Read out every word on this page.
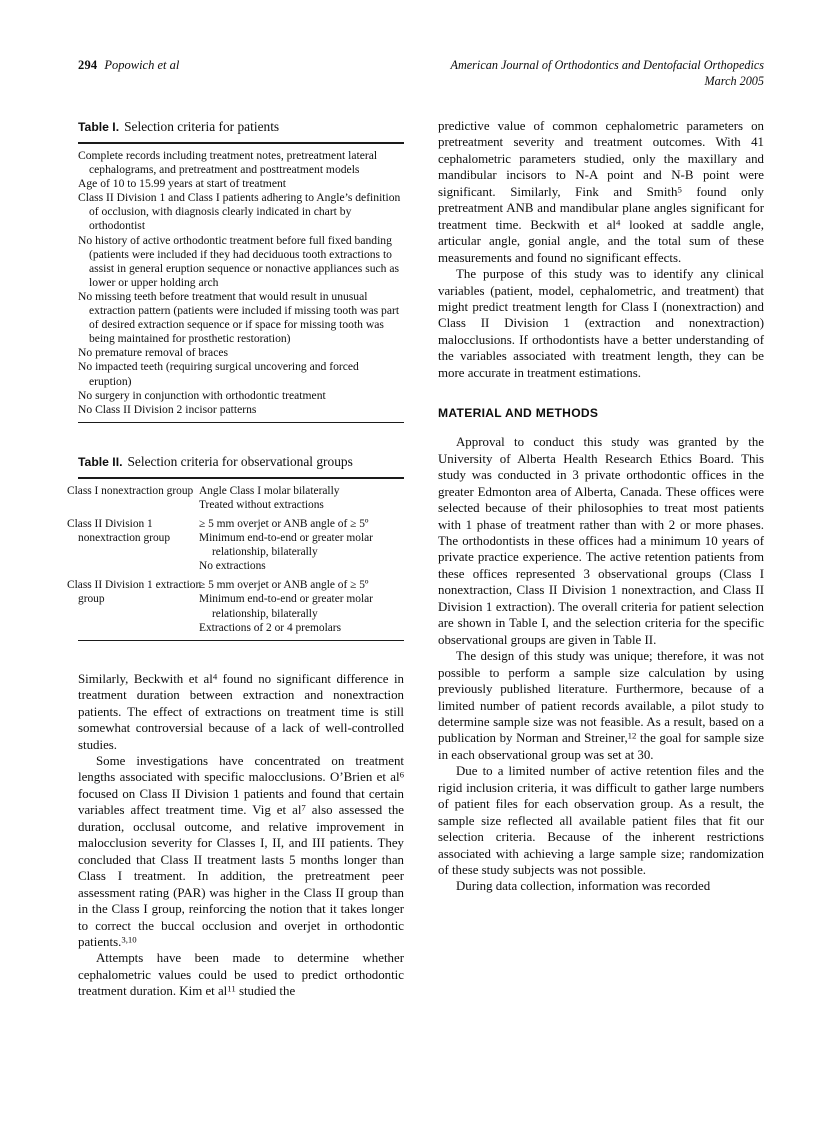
294 Popowich et al	American Journal of Orthodontics and Dentofacial Orthopedics
March 2005
Table I. Selection criteria for patients
Complete records including treatment notes, pretreatment lateral cephalograms, and pretreatment and posttreatment models
Age of 10 to 15.99 years at start of treatment
Class II Division 1 and Class I patients adhering to Angle’s definition of occlusion, with diagnosis clearly indicated in chart by orthodontist
No history of active orthodontic treatment before full fixed banding (patients were included if they had deciduous tooth extractions to assist in general eruption sequence or nonactive appliances such as lower or upper holding arch
No missing teeth before treatment that would result in unusual extraction pattern (patients were included if missing tooth was part of desired extraction sequence or if space for missing tooth was being maintained for prosthetic restoration)
No premature removal of braces
No impacted teeth (requiring surgical uncovering and forced eruption)
No surgery in conjunction with orthodontic treatment
No Class II Division 2 incisor patterns
Table II. Selection criteria for observational groups
Class I nonextraction group	Angle Class I molar bilaterally
	Treated without extractions

Class II Division 1 nonextraction group	≥ 5 mm overjet or ANB angle of ≥ 5º
	Minimum end-to-end or greater molar relationship, bilaterally
	No extractions

Class II Division 1 extraction group	≥ 5 mm overjet or ANB angle of ≥ 5º
	Minimum end-to-end or greater molar relationship, bilaterally
	Extractions of 2 or 4 premolars

Similarly, Beckwith et $al^4$ found no significant difference in treatment duration between extraction and nonextraction patients. The effect of extractions on treatment time is still somewhat controversial because of a lack of well-controlled studies.

Some investigations have concentrated on treatment lengths associated with specific malocclusions. O’Brien et $al^6$ focused on Class II Division 1 patients and found that certain variables affect treatment time. Vig et $al^7$ also assessed the duration, occlusal outcome, and relative improvement in malocclusion severity for Classes I, II, and III patients. They concluded that Class II treatment lasts 5 months longer than Class I treatment. In addition, the pretreatment peer assessment rating (PAR) was higher in the Class II group than in the Class I group, reinforcing the notion that it takes longer to correct the buccal occlusion and overjet in orthodontic patients.$^{3,10}$

Attempts have been made to determine whether cephalometric values could be used to predict orthodontic treatment duration. Kim et $al^{11}$ studied the

predictive value of common cephalometric parameters on pretreatment severity and treatment outcomes. With 41 cephalometric parameters studied, only the maxillary and mandibular incisors to N-A point and N-B point were significant. Similarly, Fink and Smith$^5$ found only pretreatment ANB and mandibular plane angles significant for treatment time. Beckwith et $al^4$ looked at saddle angle, articular angle, gonial angle, and the total sum of these measurements and found no significant effects.

The purpose of this study was to identify any clinical variables (patient, model, cephalometric, and treatment) that might predict treatment length for Class I (nonextraction) and Class II Division 1 (extraction and nonextraction) malocclusions. If orthodontists have a better understanding of the variables associated with treatment length, they can be more accurate in treatment estimations.

MATERIAL AND METHODS

Approval to conduct this study was granted by the University of Alberta Health Research Ethics Board. This study was conducted in 3 private orthodontic offices in the greater Edmonton area of Alberta, Canada. These offices were selected because of their philosophies to treat most patients with 1 phase of treatment rather than with 2 or more phases. The orthodontists in these offices had a minimum 10 years of private practice experience. The active retention patients from these offices represented 3 observational groups (Class I nonextraction, Class II Division 1 nonextraction, and Class II Division 1 extraction). The overall criteria for patient selection are shown in Table I, and the selection criteria for the specific observational groups are given in Table II.

The design of this study was unique; therefore, it was not possible to perform a sample size calculation by using previously published literature. Furthermore, because of a limited number of patient records available, a pilot study to determine sample size was not feasible. As a result, based on a publication by Norman and Streiner,$^{12}$ the goal for sample size in each observational group was set at 30.

Due to a limited number of active retention files and the rigid inclusion criteria, it was difficult to gather large numbers of patient files for each observation group. As a result, the sample size reflected all available patient files that fit our selection criteria. Because of the inherent restrictions associated with achieving a large sample size; randomization of these study subjects was not possible.

During data collection, information was recorded
